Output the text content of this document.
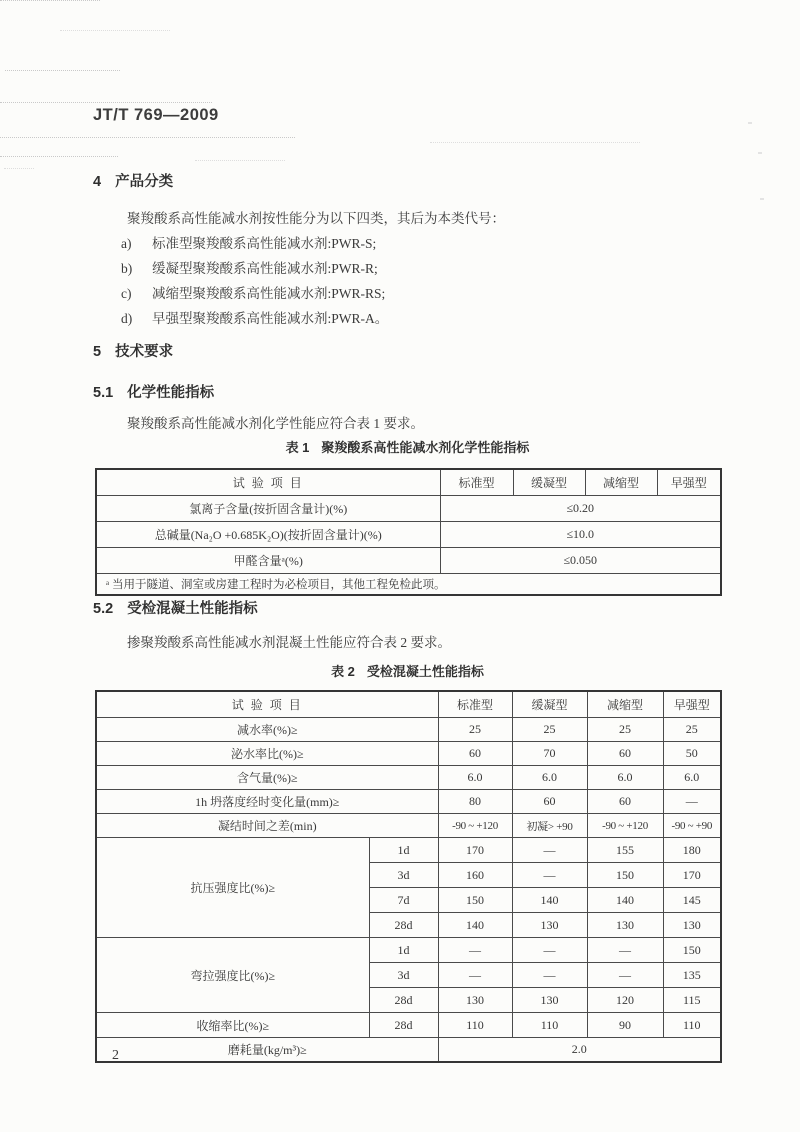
JT/T 769—2009
4 产品分类
聚羧酸系高性能减水剂按性能分为以下四类，其后为本类代号：
a)	标准型聚羧酸系高性能减水剂:PWR-S;
b)	缓凝型聚羧酸系高性能减水剂:PWR-R;
c)	减缩型聚羧酸系高性能减水剂:PWR-RS;
d)	早强型聚羧酸系高性能减水剂:PWR-A。
5 技术要求
5.1 化学性能指标
聚羧酸系高性能减水剂化学性能应符合表 1 要求。
表 1 聚羧酸系高性能减水剂化学性能指标
试 验 项 目	标准型	缓凝型	减缩型	早强型
氯离子含量(按折固含量计)(%)	≤0.20			
总碱量(Na₂O +0.685K₂O)(按折固含量计)(%)	≤10.0			
甲醛含量ᵃ(%)	≤0.050			
ᵃ 当用于隧道、洞室或房建工程时为必检项目，其他工程免检此项。				
5.2 受检混凝土性能指标
掺聚羧酸系高性能减水剂混凝土性能应符合表 2 要求。
表 2 受检混凝土性能指标
试 验 项 目		标准型	缓凝型	减缩型	早强型
减水率(%)≥		25	25	25	25
泌水率比(%)≥		60	70	60	50
含气量(%)≥		6.0	6.0	6.0	6.0
1h 坍落度经时变化量(mm)≥		80	60	60	—
凝结时间之差(min)		-90 ~ +120	初凝> +90	-90 ~ +120	-90 ~ +90
抗压强度比(%)≥	1d	170	—	155	180
	3d	160	—	150	170
	7d	150	140	140	145
	28d	140	130	130	130
弯拉强度比(%)≥	1d	—	—	—	150
	3d	—	—	—	135
	28d	130	130	120	115
收缩率比(%)≥	28d	110	110	90	110
磨耗量(kg/m³)≥		2.0			
2
